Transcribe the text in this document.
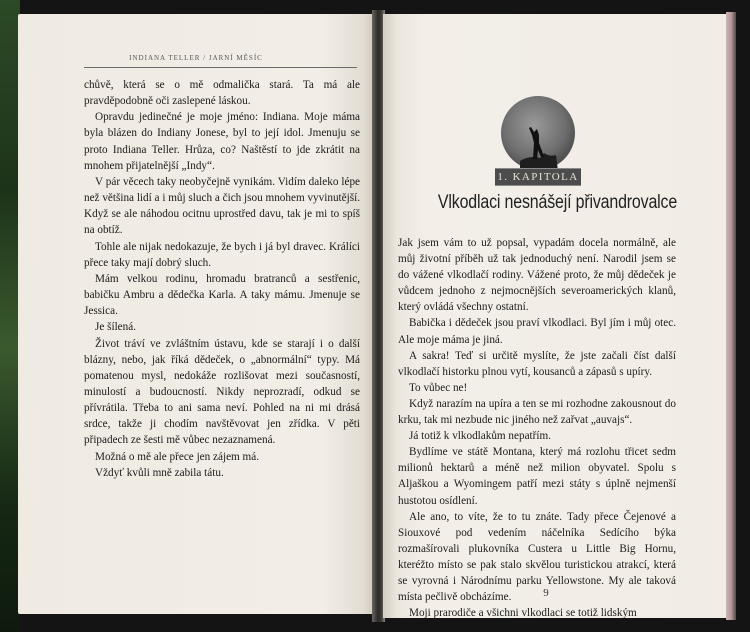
INDIANA TELLER / JARNÍ MĚSÍC

chůvě, která se o mě odmalička stará. Ta má ale pravděpodobně oči zaslepené láskou.

Opravdu jedinečné je moje jméno: Indiana. Moje máma byla blázen do Indiany Jonese, byl to její idol. Jmenuju se proto Indiana Teller. Hrůza, co? Naštěstí to jde zkrátit na mnohem přijatelnější „Indy“.

V pár věcech taky neobyčejně vynikám. Vidím daleko lépe než většina lidí a i můj sluch a čich jsou mnohem vyvinutější. Když se ale náhodou ocitnu uprostřed davu, tak je mi to spíš na obtíž.

Tohle ale nijak nedokazuje, že bych i já byl dravec. Králíci přece taky mají dobrý sluch.

Mám velkou rodinu, hromadu bratranců a sestřenic, babičku Ambru a dědečka Karla. A taky mámu. Jmenuje se Jessica.

Je šílená.

Život tráví ve zvláštním ústavu, kde se starají i o další blázny, nebo, jak říká dědeček, o „abnormální“ typy. Má pomatenou mysl, nedokáže rozlišovat mezi současností, minulostí a budoucností. Nikdy neprozradí, odkud se přívrátila. Třeba to ani sama neví. Pohled na ni mi drásá srdce, takže ji chodím navštěvovat jen zřídka. V pěti připadech ze šesti mě vůbec nezaznamená.

Možná o mě ale přece jen zájem má.

Vždyť kvůli mně zabila tátu.

1. KAPITOLA
Vlkodlaci nesnášejí přivandrovalce

Jak jsem vám to už popsal, vypadám docela normálně, ale můj životní příběh už tak jednoduchý není. Narodil jsem se do vážené vlkodlačí rodiny. Vážené proto, že můj dědeček je vůdcem jednoho z nejmocnějších severoamerických klanů, který ovládá všechny ostatní.

Babička i dědeček jsou praví vlkodlaci. Byl jím i můj otec. Ale moje máma je jiná.

A sakra! Teď si určitě myslíte, že jste začali číst další vlkodlačí historku plnou vytí, kousanců a zápasů s upíry.

To vůbec ne!

Když narazím na upíra a ten se mi rozhodne zakousnout do krku, tak mi nezbude nic jiného než zařvat „auvajs“.

Já totiž k vlkodlakům nepatřím.

Bydlíme ve státě Montana, který má rozlohu třicet sedm milionů hektarů a méně než milion obyvatel. Spolu s Aljaškou a Wyomingem patří mezi státy s úplně nejmenší hustotou osídlení.

Ale ano, to víte, že to tu znáte. Tady přece Čejenové a Siouxové pod vedením náčelníka Sedícího býka rozmašírovali plukovníka Custera u Little Big Hornu, kteréžto místo se pak stalo skvělou turistickou atrakcí, která se vyrovná i Národnímu parku Yellowstone. My ale taková místa pečlivě obcházíme.

Moji prarodiče a všichni vlkodlaci se totiž lidským

9
